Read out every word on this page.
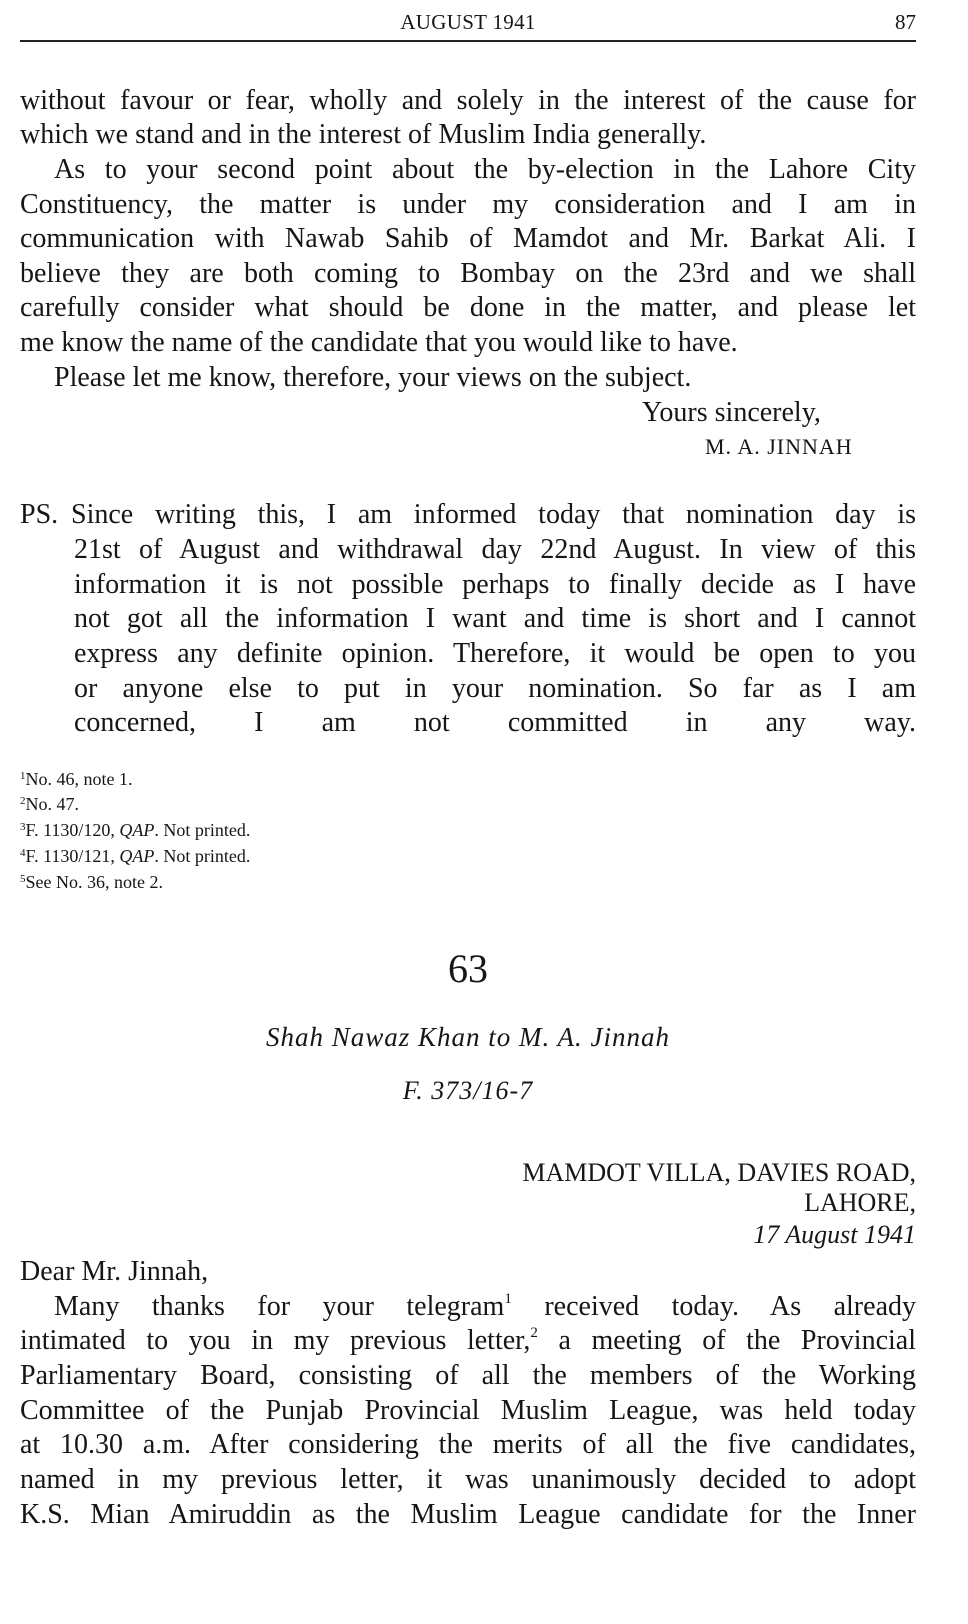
AUGUST 1941	87
without favour or fear, wholly and solely in the interest of the cause for
which we stand and in the interest of Muslim India generally.
As to your second point about the by-election in the Lahore City
Constituency, the matter is under my consideration and I am in
communication with Nawab Sahib of Mamdot and Mr. Barkat Ali. I
believe they are both coming to Bombay on the 23rd and we shall
carefully consider what should be done in the matter, and please let
me know the name of the candidate that you would like to have.
Please let me know, therefore, your views on the subject.
Yours sincerely,
M. A. JINNAH
PS. Since writing this, I am informed today that nomination day is
21st of August and withdrawal day 22nd August. In view of this
information it is not possible perhaps to finally decide as I have
not got all the information I want and time is short and I cannot
express any definite opinion. Therefore, it would be open to you
or anyone else to put in your nomination. So far as I am
concerned, I am not committed in any way.
$^1$No. 46, note 1.
$^2$No. 47.
$^3$F. 1130/120, QAP. Not printed.
$^4$F. 1130/121, QAP. Not printed.
$^5$See No. 36, note 2.
63
Shah Nawaz Khan to M. A. Jinnah
F. 373/16-7
MAMDOT VILLA, DAVIES ROAD,
LAHORE,
17 August 1941
Dear Mr. Jinnah,
Many thanks for your telegram$^1$ received today. As already
intimated to you in my previous letter,$^2$ a meeting of the Provincial
Parliamentary Board, consisting of all the members of the Working
Committee of the Punjab Provincial Muslim League, was held today
at 10.30 a.m. After considering the merits of all the five candidates,
named in my previous letter, it was unanimously decided to adopt
K.S. Mian Amiruddin as the Muslim League candidate for the Inner
